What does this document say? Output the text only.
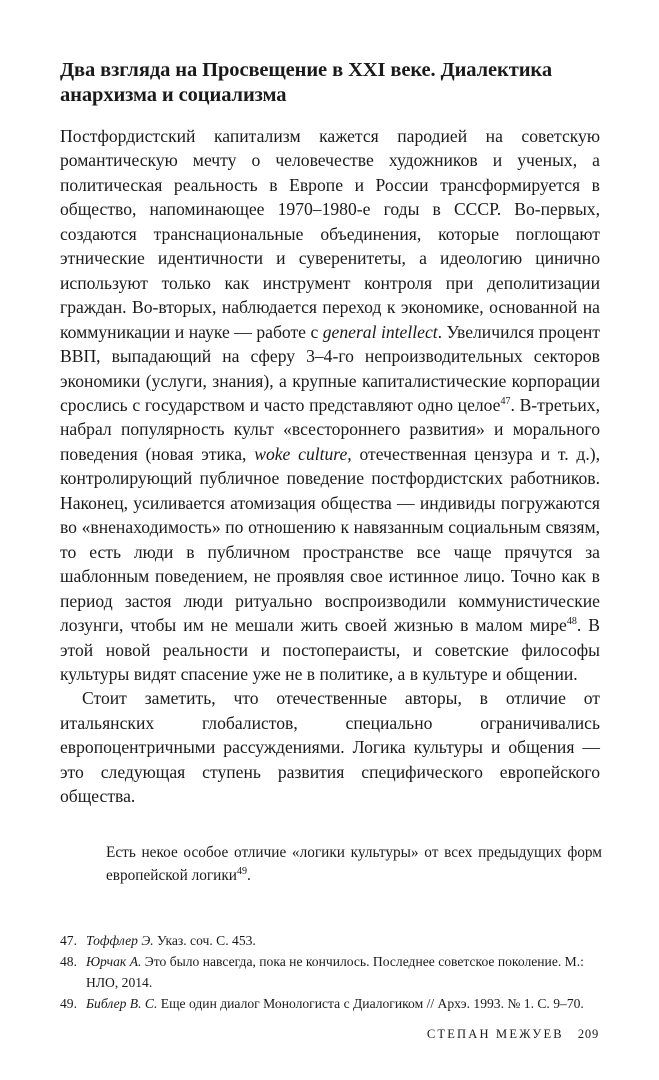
Два взгляда на Просвещение в XXI веке. Диалектика анархизма и социализма

Постфордистский капитализм кажется пародией на советскую романтическую мечту о человечестве художников и ученых, а политическая реальность в Европе и России трансформируется в общество, напоминающее 1970–1980-е годы в СССР. Во-первых, создаются транснациональные объединения, которые поглощают этнические идентичности и суверенитеты, а идеологию цинично используют только как инструмент контроля при деполитизации граждан. Во-вторых, наблюдается переход к экономике, основанной на коммуникации и науке — работе с general intellect. Увеличился процент ВВП, выпадающий на сферу 3–4-го непроизводительных секторов экономики (услуги, знания), а крупные капиталистические корпорации срослись с государством и часто представляют одно целое$^{47}$. В-третьих, набрал популярность культ «всестороннего развития» и морального поведения (новая этика, woke culture, отечественная цензура и т. д.), контролирующий публичное поведение постфордистских работников. Наконец, усиливается атомизация общества — индивиды погружаются во «вненаходимость» по отношению к навязанным социальным связям, то есть люди в публичном пространстве все чаще прячутся за шаблонным поведением, не проявляя свое истинное лицо. Точно как в период застоя люди ритуально воспроизводили коммунистические лозунги, чтобы им не мешали жить своей жизнью в малом мире$^{48}$. В этой новой реальности и постопераисты, и советские философы культуры видят спасение уже не в политике, а в культуре и общении.

Стоит заметить, что отечественные авторы, в отличие от итальянских глобалистов, специально ограничивались европоцентричными рассуждениями. Логика культуры и общения — это следующая ступень развития специфического европейского общества.

Есть некое особое отличие «логики культуры» от всех предыдущих форм европейской логики$^{49}$.
47. Тоффлер Э. Указ. соч. С. 453.
48. Юрчак А. Это было навсегда, пока не кончилось. Последнее советское поколение. М.: НЛО, 2014.
49. Библер В. С. Еще один диалог Монологиста с Диалогиком // Архэ. 1993. № 1. С. 9–70.
СТЕПАН МЕЖУЕВ 209
